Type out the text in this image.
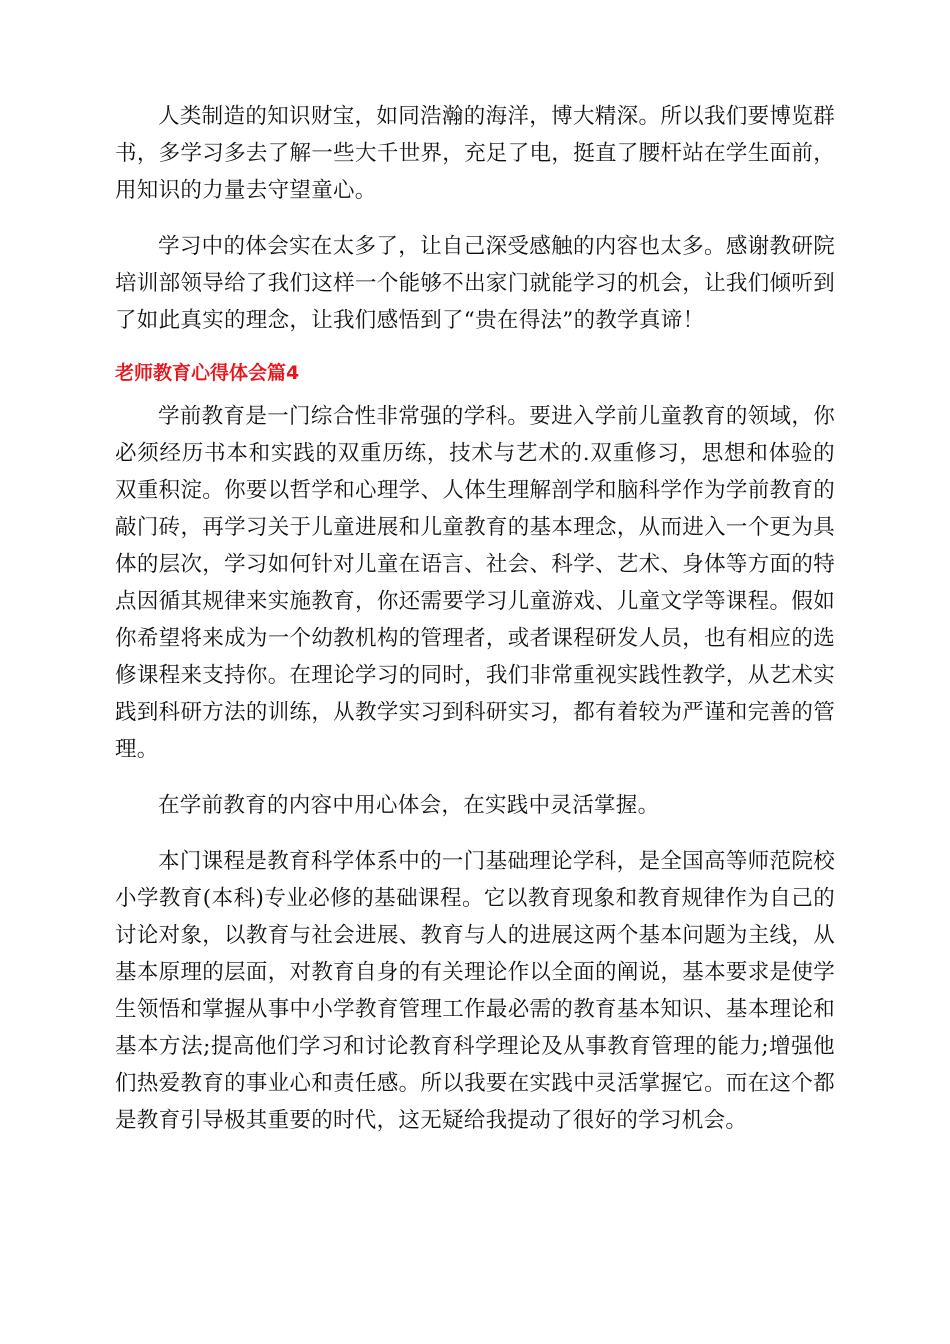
人类制造的知识财宝，如同浩瀚的海洋，博大精深。所以我们要博览群书，多学习多去了解一些大千世界，充足了电，挺直了腰杆站在学生面前，用知识的力量去守望童心。

学习中的体会实在太多了，让自己深受感触的内容也太多。感谢教研院培训部领导给了我们这样一个能够不出家门就能学习的机会，让我们倾听到了如此真实的理念，让我们感悟到了“贵在得法”的教学真谛！

老师教育心得体会篇4

学前教育是一门综合性非常强的学科。要进入学前儿童教育的领域，你必须经历书本和实践的双重历练，技术与艺术的.双重修习，思想和体验的双重积淀。你要以哲学和心理学、人体生理解剖学和脑科学作为学前教育的敲门砖，再学习关于儿童进展和儿童教育的基本理念，从而进入一个更为具体的层次，学习如何针对儿童在语言、社会、科学、艺术、身体等方面的特点因循其规律来实施教育，你还需要学习儿童游戏、儿童文学等课程。假如你希望将来成为一个幼教机构的管理者，或者课程研发人员，也有相应的选修课程来支持你。在理论学习的同时，我们非常重视实践性教学，从艺术实践到科研方法的训练，从教学实习到科研实习，都有着较为严谨和完善的管理。

在学前教育的内容中用心体会，在实践中灵活掌握。

本门课程是教育科学体系中的一门基础理论学科，是全国高等师范院校小学教育(本科)专业必修的基础课程。它以教育现象和教育规律作为自己的讨论对象，以教育与社会进展、教育与人的进展这两个基本问题为主线，从基本原理的层面，对教育自身的有关理论作以全面的阐说，基本要求是使学生领悟和掌握从事中小学教育管理工作最必需的教育基本知识、基本理论和基本方法;提高他们学习和讨论教育科学理论及从事教育管理的能力;增强他们热爱教育的事业心和责任感。所以我要在实践中灵活掌握它。而在这个都是教育引导极其重要的时代，这无疑给我提动了很好的学习机会。
